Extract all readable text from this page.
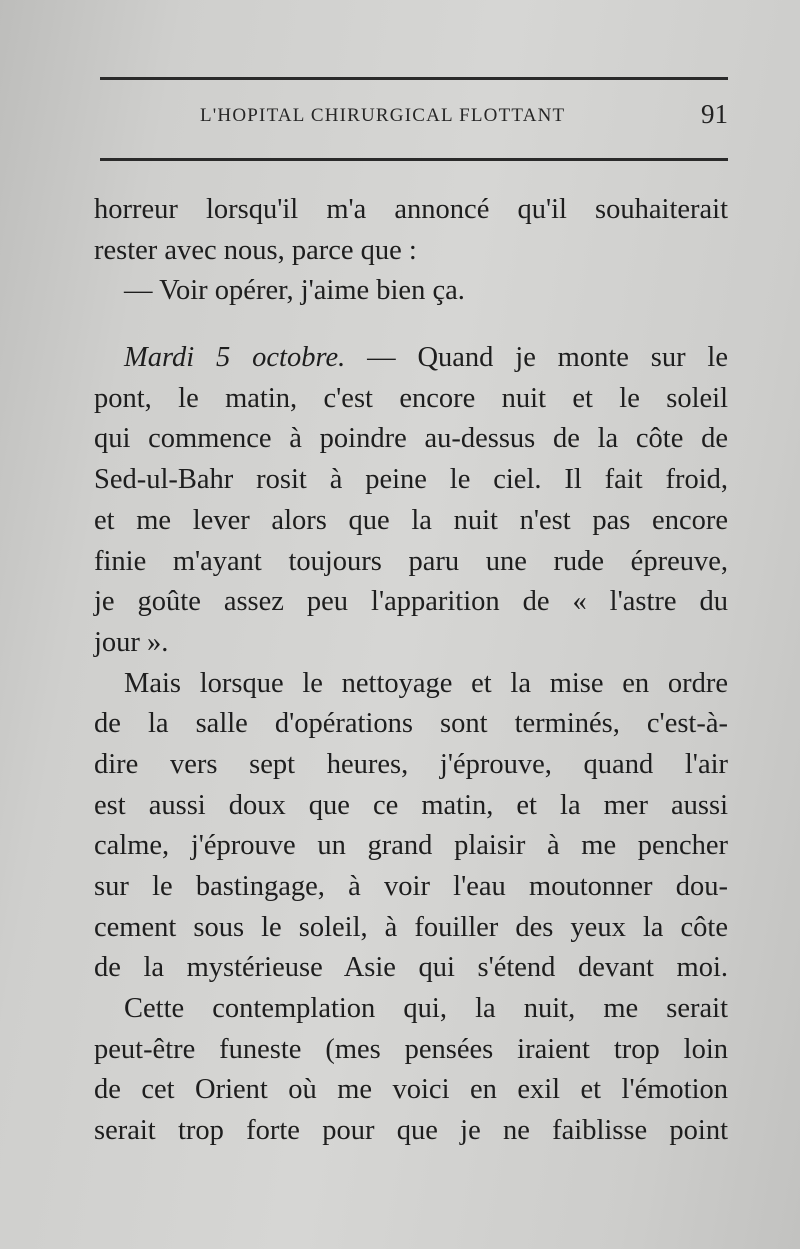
L'HOPITAL CHIRURGICAL FLOTTANT	91
horreur lorsqu'il m'a annoncé qu'il souhaiterait
rester avec nous, parce que :
— Voir opérer, j'aime bien ça.
Mardi 5 octobre. — Quand je monte sur le
pont, le matin, c'est encore nuit et le soleil
qui commence à poindre au-dessus de la côte de
Sed-ul-Bahr rosit à peine le ciel. Il fait froid,
et me lever alors que la nuit n'est pas encore
finie m'ayant toujours paru une rude épreuve,
je goûte assez peu l'apparition de « l'astre du
jour ».
Mais lorsque le nettoyage et la mise en ordre
de la salle d'opérations sont terminés, c'est-à-
dire vers sept heures, j'éprouve, quand l'air
est aussi doux que ce matin, et la mer aussi
calme, j'éprouve un grand plaisir à me pencher
sur le bastingage, à voir l'eau moutonner dou-
cement sous le soleil, à fouiller des yeux la côte
de la mystérieuse Asie qui s'étend devant moi.
Cette contemplation qui, la nuit, me serait
peut-être funeste (mes pensées iraient trop loin
de cet Orient où me voici en exil et l'émotion
serait trop forte pour que je ne faiblisse point
